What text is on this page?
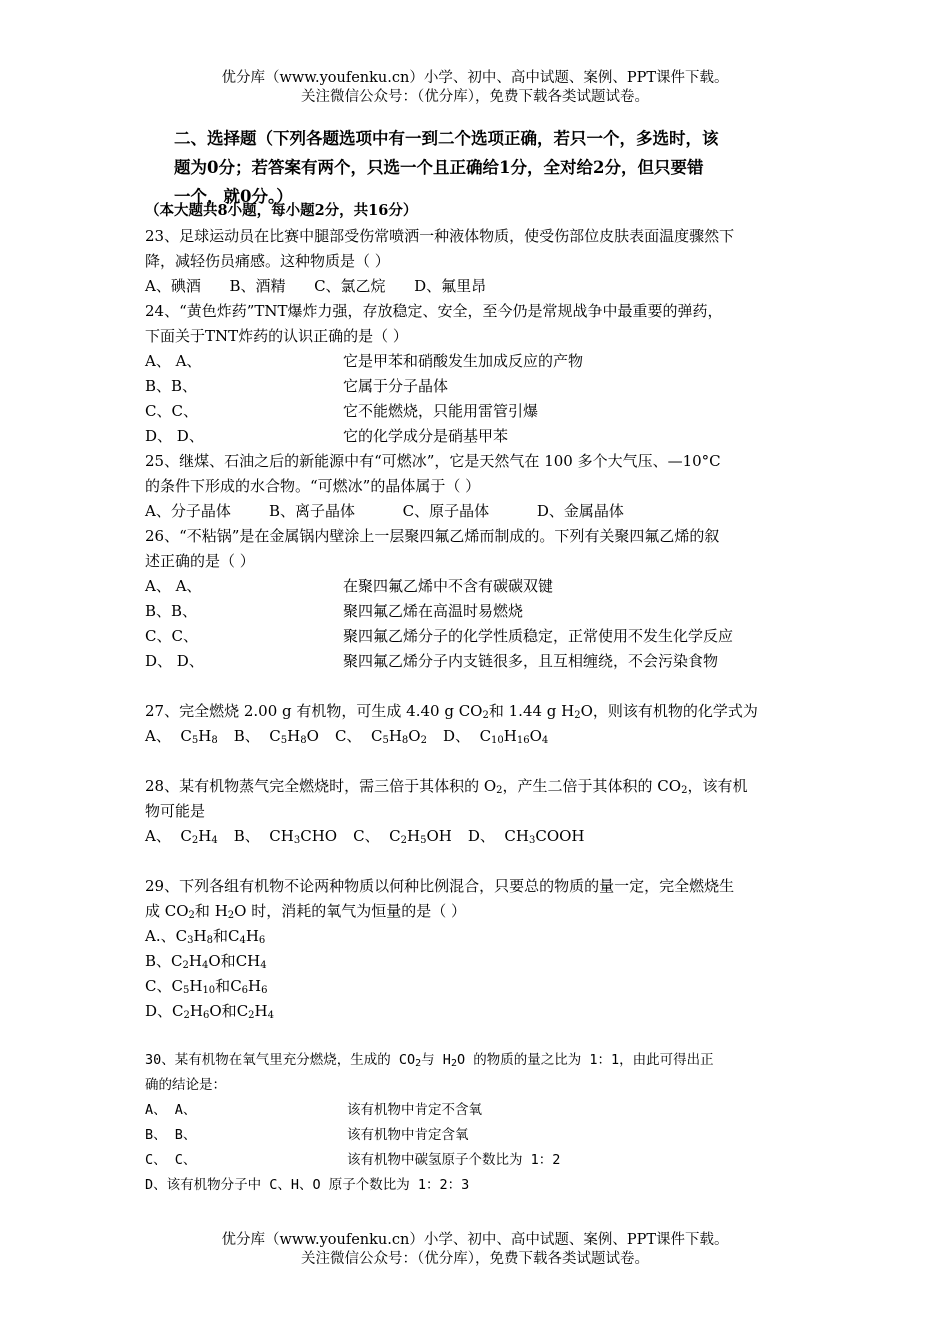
优分库（www.youfenku.cn）小学、初中、高中试题、案例、PPT课件下载。
关注微信公众号：（优分库），免费下载各类试题试卷。
二、选择题（下列各题选项中有一到二个选项正确，若只一个，多选时，该
题为0分；若答案有两个，只选一个且正确给1分，全对给2分，但只要错
一个，就0分。）
（本大题共8小题，每小题2分，共16分）
23、足球运动员在比赛中腿部受伤常喷洒一种液体物质，使受伤部位皮肤表面温度骤然下
降，减轻伤员痛感。这种物质是（ ）
A、碘酒      B、酒精      C、氯乙烷      D、氟里昂
24、“黄色炸药”TNT爆炸力强，存放稳定、安全，至今仍是常规战争中最重要的弹药，
下面关于TNT炸药的认识正确的是（ ）
A、 A、	它是甲苯和硝酸发生加成反应的产物
B、B、	它属于分子晶体
C、C、	它不能燃烧，只能用雷管引爆
D、 D、	它的化学成分是硝基甲苯
25、继煤、石油之后的新能源中有“可燃冰”，它是天然气在 100 多个大气压、—10°C
的条件下形成的水合物。“可燃冰”的晶体属于（ ）
A、分子晶体        B、离子晶体          C、原子晶体          D、金属晶体
26、“不粘锅”是在金属锅内壁涂上一层聚四氟乙烯而制成的。下列有关聚四氟乙烯的叙
述正确的是（ ）
A、 A、	在聚四氟乙烯中不含有碳碳双键
B、B、	聚四氟乙烯在高温时易燃烧
C、C、	聚四氟乙烯分子的化学性质稳定，正常使用不发生化学反应
D、 D、	聚四氟乙烯分子内支链很多，且互相缠绕，不会污染食物
27、完全燃烧 2.00 g 有机物，可生成 4.40 g $CO_2$和 1.44 g $H_2O$，则该有机物的化学式为
A、 $C_5H_8$ B、 $C_5H_8O$ C、 $C_5H_8O_2$ D、 $C_{10}H_{16}O_4$
28、某有机物蒸气完全燃烧时，需三倍于其体积的 $O_2$，产生二倍于其体积的 $CO_2$，该有机
物可能是
A、 $C_2H_4$ B、 $CH_3CHO$ C、 $C_2H_5OH$ D、 $CH_3COOH$
29、下列各组有机物不论两种物质以何种比例混合，只要总的物质的量一定，完全燃烧生
成 $CO_2$和 $H_2O$ 时，消耗的氧气为恒量的是（ ）
A.、$C_3H_8$和$C_4H_6$
B、$C_2H_4O$和$CH_4$
C、$C_5H_{10}$和$C_6H_6$
D、$C_2H_6O$和$C_2H_4$
30、某有机物在氧气里充分燃烧，生成的 $CO_2$与 $H_2O$ 的物质的量之比为 1：1，由此可得出正
确的结论是：
A、 A、	该有机物中肯定不含氧
B、 B、	该有机物中肯定含氧
C、 C、	该有机物中碳氢原子个数比为 1：2
D、该有机物分子中 C、H、O 原子个数比为 1：2：3
优分库（www.youfenku.cn）小学、初中、高中试题、案例、PPT课件下载。
关注微信公众号：（优分库），免费下载各类试题试卷。
